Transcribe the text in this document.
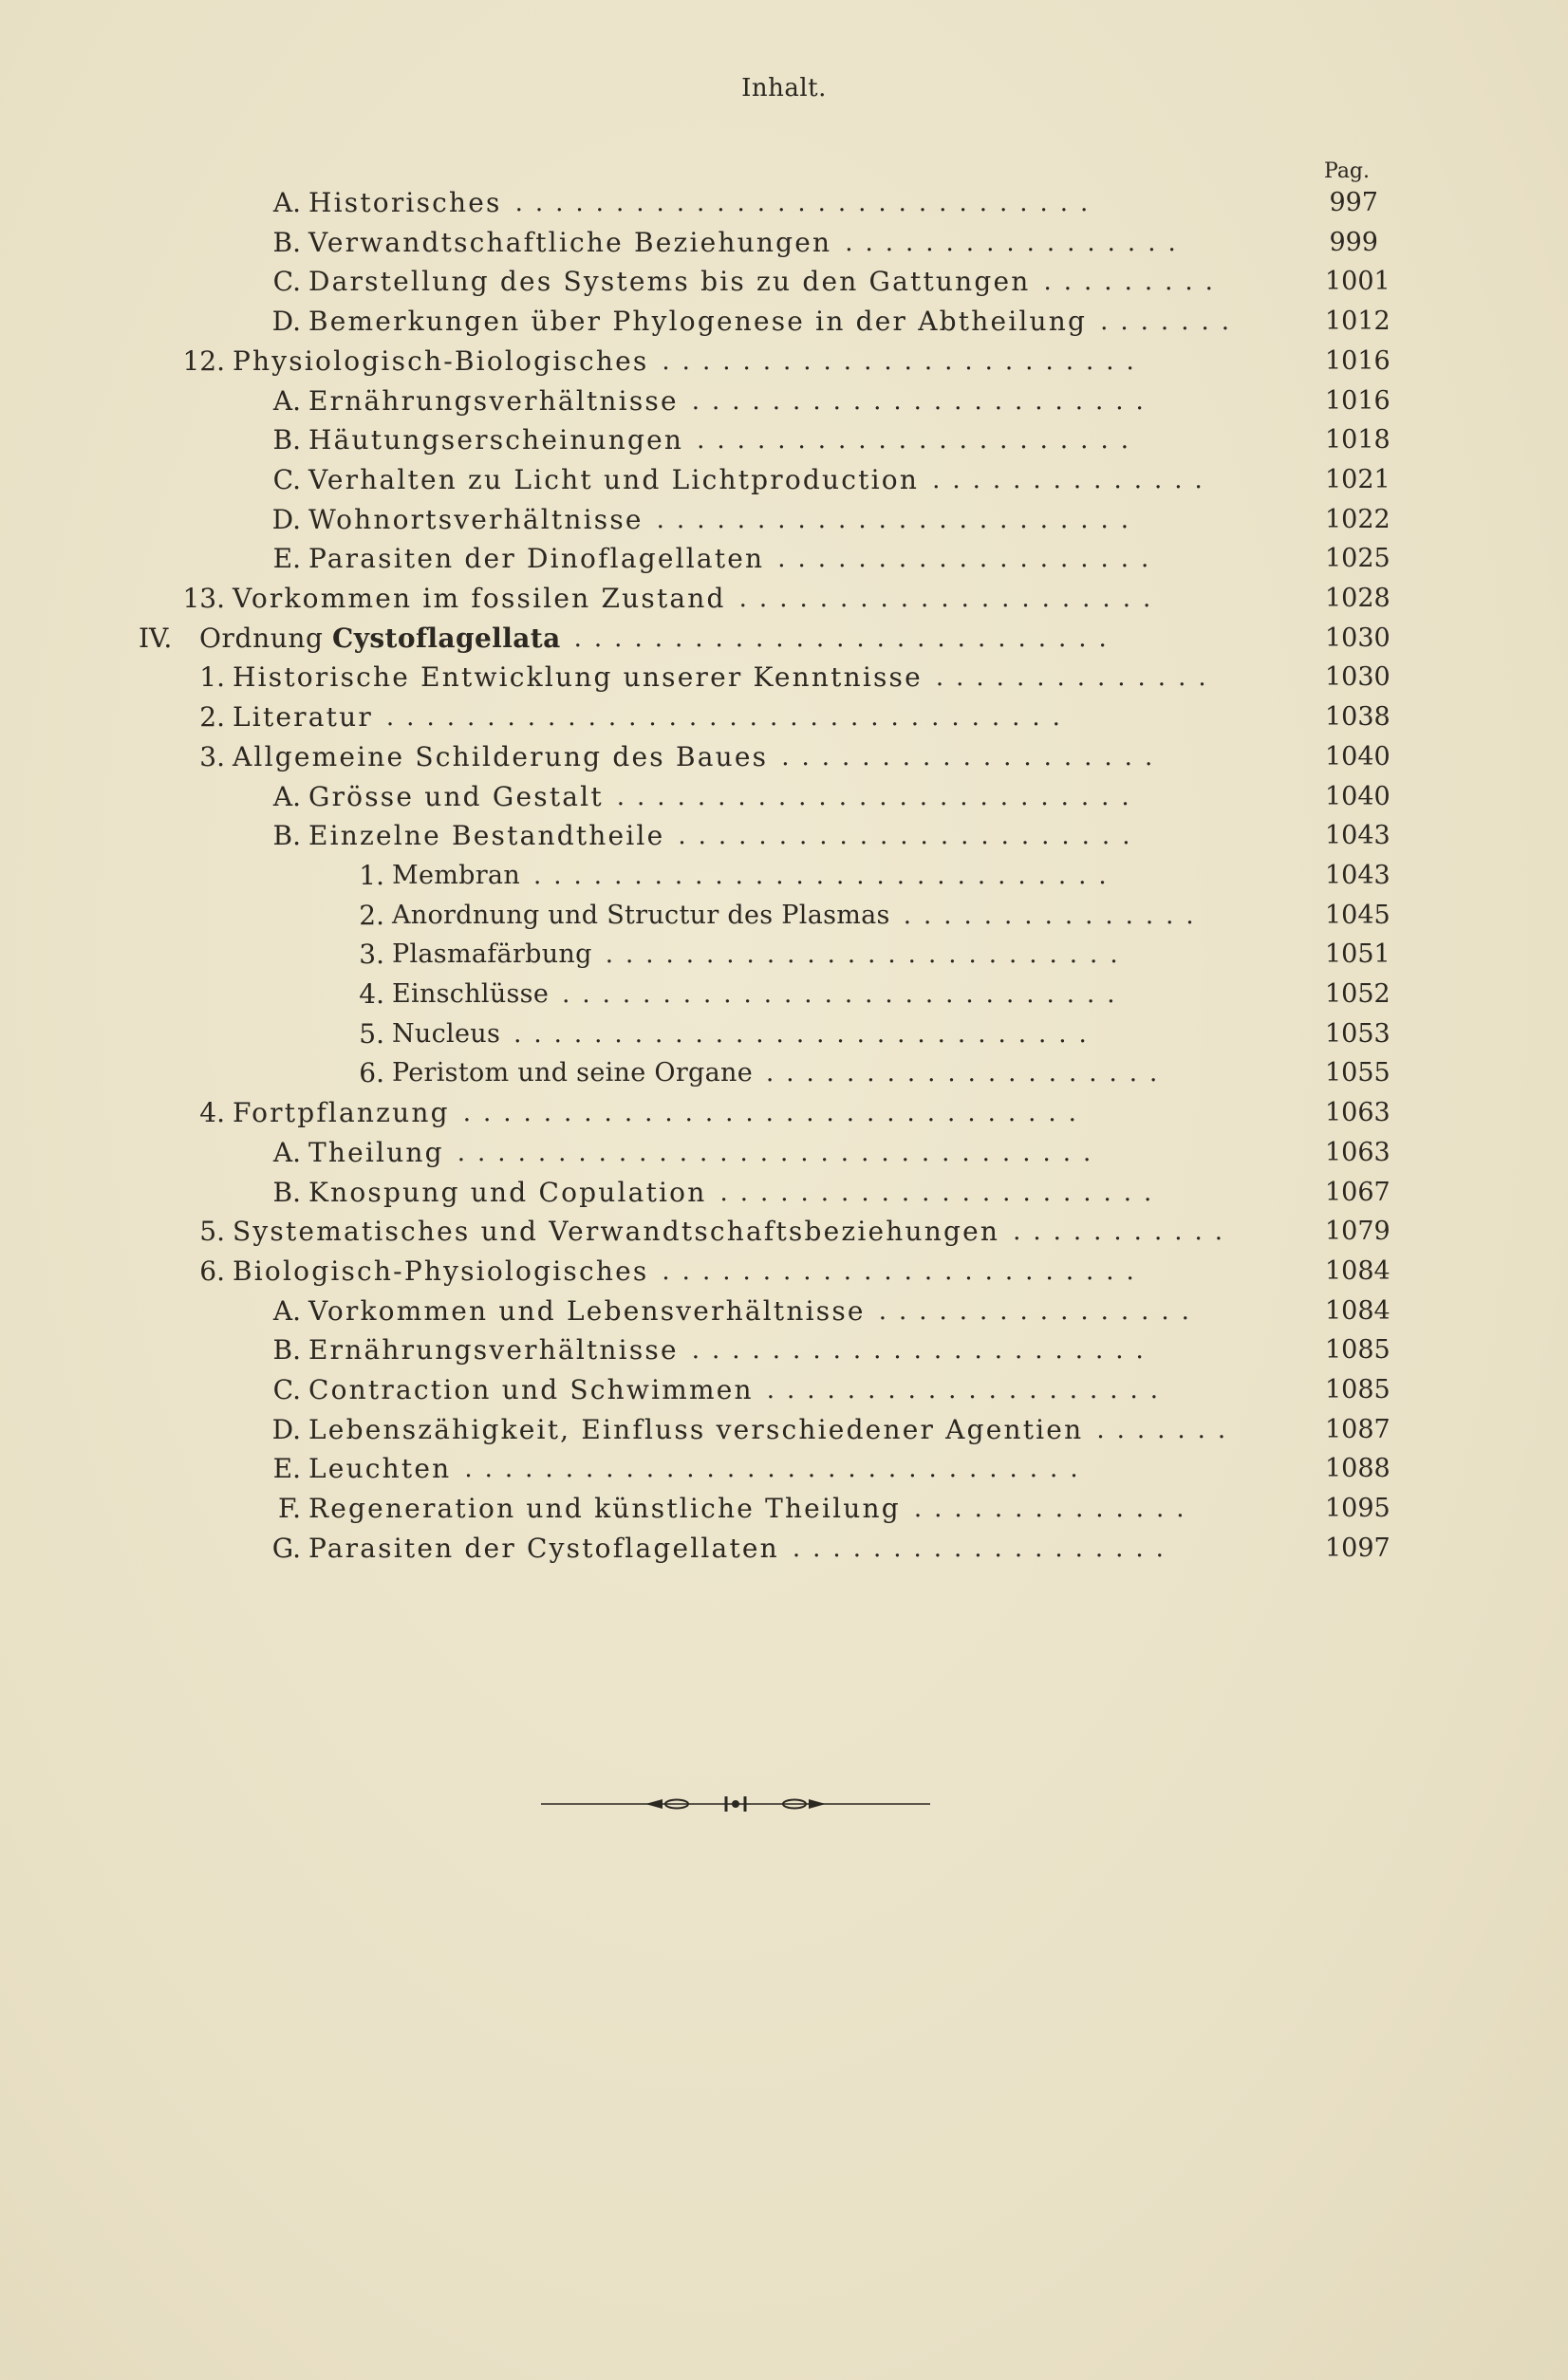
Inhalt.
Pag.
A. Historisches .............................	997
B. Verwandtschaftliche Beziehungen .................	999
C. Darstellung des Systems bis zu den Gattungen .........	1001
D. Bemerkungen über Phylogenese in der Abtheilung .......	1012
12. Physiologisch-Biologisches ........................	1016
A. Ernährungsverhältnisse .......................	1016
B. Häutungserscheinungen ......................	1018
C. Verhalten zu Licht und Lichtproduction ..............	1021
D. Wohnortsverhältnisse ........................	1022
E. Parasiten der Dinoflagellaten ...................	1025
13. Vorkommen im fossilen Zustand .....................	1028
IV.	Ordnung Cystoflagellata ...........................	1030
1. Historische Entwicklung unserer Kenntnisse ..............	1030
2. Literatur ..................................	1038
3. Allgemeine Schilderung des Baues ...................	1040
A. Grösse und Gestalt ..........................	1040
B. Einzelne Bestandtheile .......................	1043
1. Membran .............................	1043
2. Anordnung und Structur des Plasmas ...............	1045
3. Plasmafärbung ..........................	1051
4. Einschlüsse ............................	1052
5. Nucleus .............................	1053
6. Peristom und seine Organe ....................	1055
4. Fortpflanzung ...............................	1063
A. Theilung ................................	1063
B. Knospung und Copulation ......................	1067
5. Systematisches und Verwandtschaftsbeziehungen ...........	1079
6. Biologisch-Physiologisches ........................	1084
A. Vorkommen und Lebensverhältnisse ................	1084
B. Ernährungsverhältnisse .......................	1085
C. Contraction und Schwimmen ....................	1085
D. Lebenszähigkeit, Einfluss verschiedener Agentien .......	1087
E. Leuchten ...............................	1088
F. Regeneration und künstliche Theilung ..............	1095
G. Parasiten der Cystoflagellaten ...................	1097
